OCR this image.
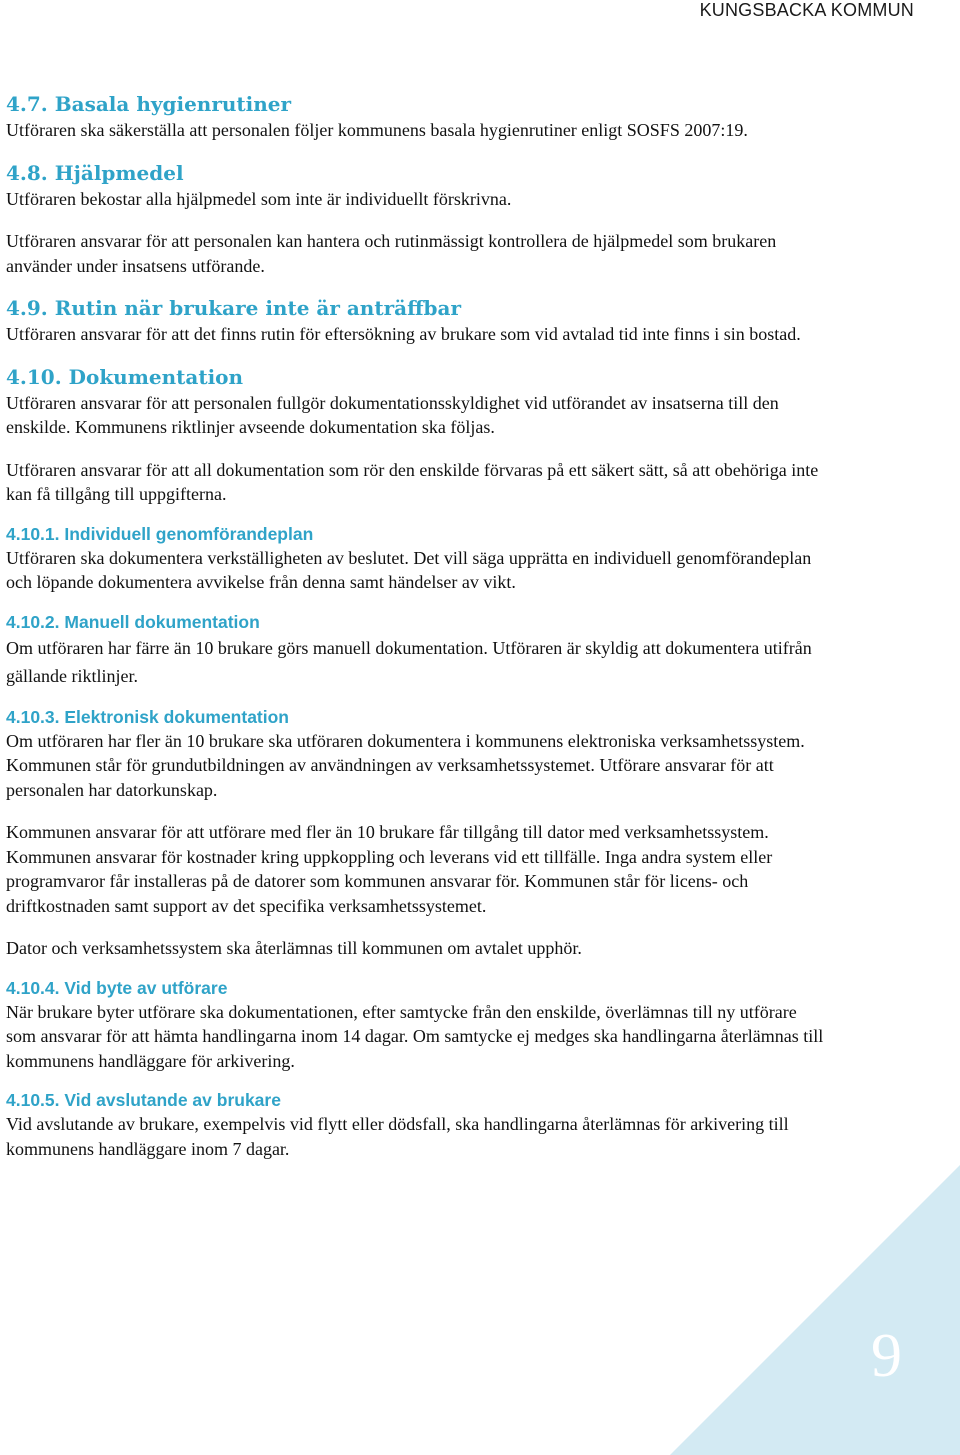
KUNGSBACKA KOMMUN
4.7. Basala hygienrutiner

Utföraren ska säkerställa att personalen följer kommunens basala hygienrutiner enligt SOSFS 2007:19.

4.8. Hjälpmedel

Utföraren bekostar alla hjälpmedel som inte är individuellt förskrivna.

Utföraren ansvarar för att personalen kan hantera och rutinmässigt kontrollera de hjälpmedel som brukaren använder under insatsens utförande.

4.9. Rutin när brukare inte är anträffbar

Utföraren ansvarar för att det finns rutin för eftersökning av brukare som vid avtalad tid inte finns i sin bostad.

4.10. Dokumentation

Utföraren ansvarar för att personalen fullgör dokumentationsskyldighet vid utförandet av insatserna till den enskilde. Kommunens riktlinjer avseende dokumentation ska följas.

Utföraren ansvarar för att all dokumentation som rör den enskilde förvaras på ett säkert sätt, så att obehöriga inte kan få tillgång till uppgifterna.

4.10.1. Individuell genomförandeplan

Utföraren ska dokumentera verkställigheten av beslutet. Det vill säga upprätta en individuell genomförandeplan och löpande dokumentera avvikelse från denna samt händelser av vikt.

4.10.2. Manuell dokumentation

Om utföraren har färre än 10 brukare görs manuell dokumentation. Utföraren är skyldig att dokumentera utifrån gällande riktlinjer.

4.10.3. Elektronisk dokumentation

Om utföraren har fler än 10 brukare ska utföraren dokumentera i kommunens elektroniska verksamhetssystem. Kommunen står för grundutbildningen av användningen av verksamhetssystemet. Utförare ansvarar för att personalen har datorkunskap.

Kommunen ansvarar för att utförare med fler än 10 brukare får tillgång till dator med verksamhetssystem. Kommunen ansvarar för kostnader kring uppkoppling och leverans vid ett tillfälle. Inga andra system eller programvaror får installeras på de datorer som kommunen ansvarar för. Kommunen står för licens- och driftkostnaden samt support av det specifika verksamhetssystemet.

Dator och verksamhetssystem ska återlämnas till kommunen om avtalet upphör.

4.10.4. Vid byte av utförare

När brukare byter utförare ska dokumentationen, efter samtycke från den enskilde, överlämnas till ny utförare som ansvarar för att hämta handlingarna inom 14 dagar. Om samtycke ej medges ska handlingarna återlämnas till kommunens handläggare för arkivering.

4.10.5. Vid avslutande av brukare

Vid avslutande av brukare, exempelvis vid flytt eller dödsfall, ska handlingarna återlämnas för arkivering till kommunens handläggare inom 7 dagar.

9
